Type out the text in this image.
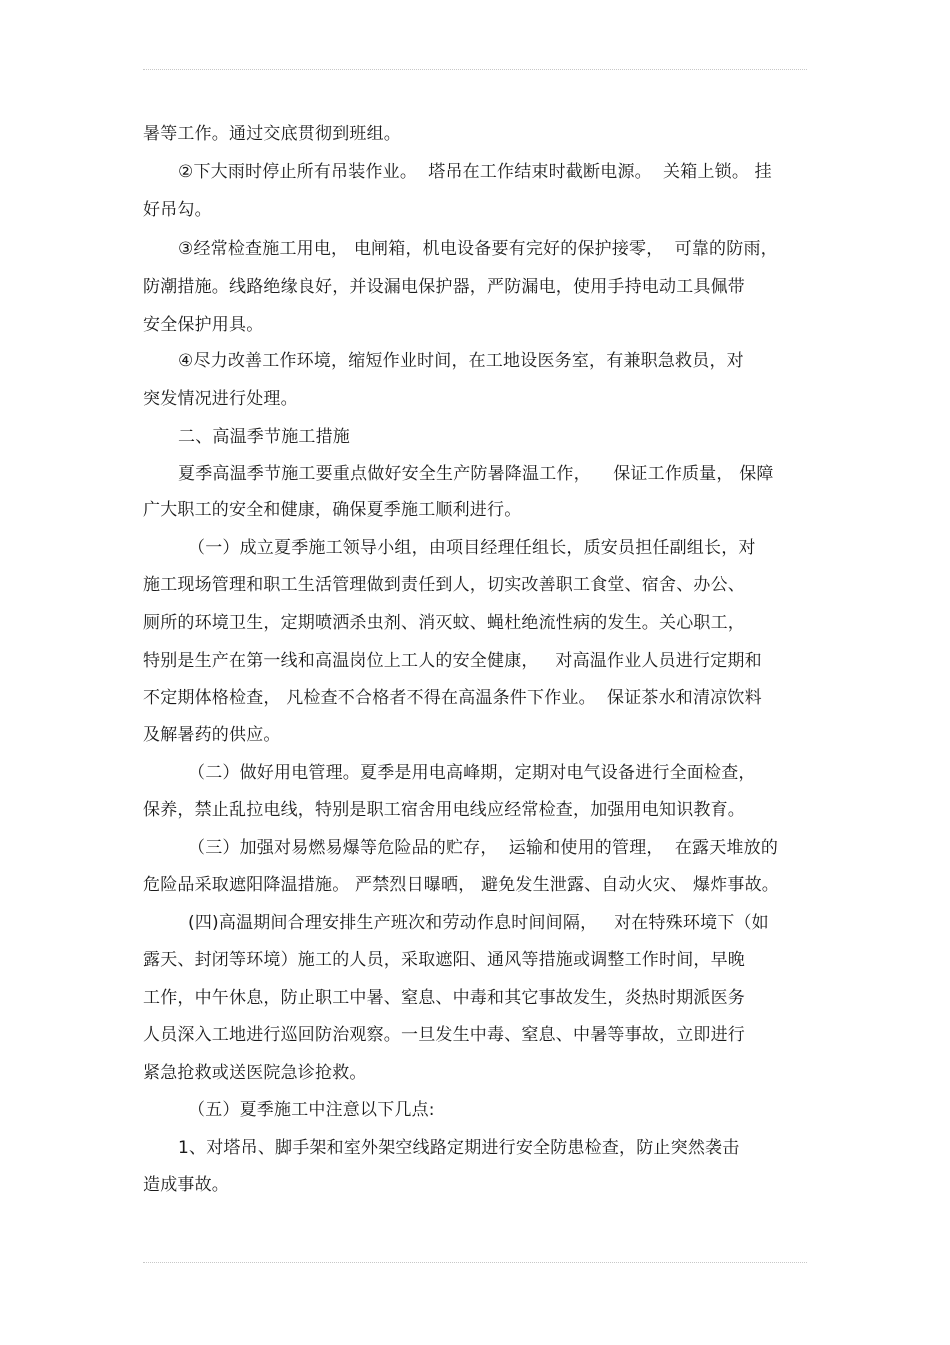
暑等工作。通过交底贯彻到班组。
②下大雨时停止所有吊装作业。  塔吊在工作结束时截断电源。  关箱上锁。 挂
好吊勾。
③经常检查施工用电， 电闸箱，机电设备要有完好的保护接零，  可靠的防雨，
防潮措施。线路绝缘良好，并设漏电保护器，严防漏电，使用手持电动工具佩带
安全保护用具。
④尽力改善工作环境，缩短作业时间，在工地设医务室，有兼职急救员，对
突发情况进行处理。
二、高温季节施工措施
夏季高温季节施工要重点做好安全生产防暑降温工作，    保证工作质量， 保障
广大职工的安全和健康，确保夏季施工顺利进行。
（一）成立夏季施工领导小组，由项目经理任组长，质安员担任副组长，对
施工现场管理和职工生活管理做到责任到人，切实改善职工食堂、宿舍、办公、
厕所的环境卫生，定期喷洒杀虫剂、消灭蚊、蝇杜绝流性病的发生。关心职工，
特别是生产在第一线和高温岗位上工人的安全健康，   对高温作业人员进行定期和
不定期体格检查， 凡检查不合格者不得在高温条件下作业。  保证茶水和清凉饮料
及解暑药的供应。
（二）做好用电管理。夏季是用电高峰期，定期对电气设备进行全面检查，
保养，禁止乱拉电线，特别是职工宿舍用电线应经常检查，加强用电知识教育。
（三）加强对易燃易爆等危险品的贮存，  运输和使用的管理，  在露天堆放的
危险品采取遮阳降温措施。 严禁烈日曝晒， 避免发生泄露、自动火灾、 爆炸事故。
(四)高温期间合理安排生产班次和劳动作息时间间隔，   对在特殊环境下（如
露天、封闭等环境）施工的人员，采取遮阳、通风等措施或调整工作时间，早晚
工作，中午休息，防止职工中暑、窒息、中毒和其它事故发生，炎热时期派医务
人员深入工地进行巡回防治观察。一旦发生中毒、窒息、中暑等事故，立即进行
紧急抢救或送医院急诊抢救。
（五）夏季施工中注意以下几点:
1、对塔吊、脚手架和室外架空线路定期进行安全防患检查，防止突然袭击
造成事故。
